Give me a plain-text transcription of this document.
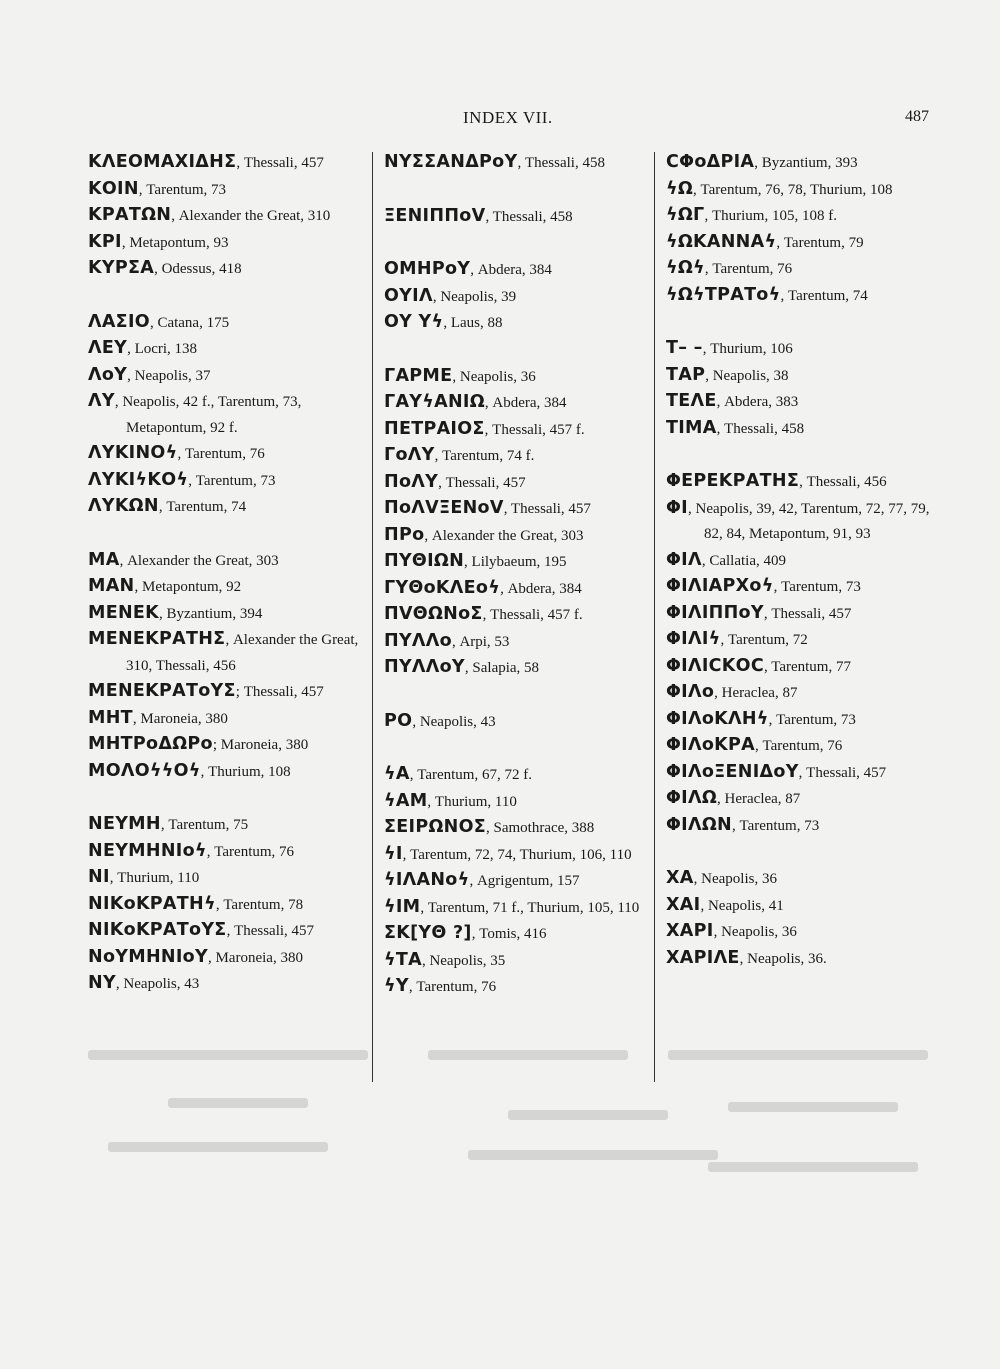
INDEX VII.	487
ΚΛΕΟΜΑΧΙΔΗΣ, Thessali, 457
ΚΟΙΝ, Tarentum, 73
ΚΡΑΤΩΝ, Alexander the Great, 310
ΚΡΙ, Metapontum, 93
ΚΥΡΣΑ, Odessus, 418
ΛΑΣΙΟ, Catana, 175
ΛΕΥ, Locri, 138
ΛοΥ, Neapolis, 37
ΛΥ, Neapolis, 42 f., Tarentum, 73, Metapontum, 92 f.
ΛΥΚΙΝΟϟ, Tarentum, 76
ΛΥΚΙϟΚΟϟ, Tarentum, 73
ΛΥΚΩΝ, Tarentum, 74
ΜΑ, Alexander the Great, 303
ΜΑΝ, Metapontum, 92
ΜΕΝΕΚ, Byzantium, 394
ΜΕΝΕΚΡΑΤΗΣ, Alexander the Great, 310, Thessali, 456
ΜΕΝΕΚΡΑΤοΥΣ; Thessali, 457
ΜΗΤ, Maroneia, 380
ΜΗΤΡοΔΩΡο; Maroneia, 380
ΜΟΛΟϟϟΟϟ, Thurium, 108
ΝΕΥΜΗ, Tarentum, 75
ΝΕΥΜΗΝΙοϟ, Tarentum, 76
ΝΙ, Thurium, 110
ΝΙΚοΚΡΑΤΗϟ, Tarentum, 78
ΝΙΚοΚΡΑΤοΥΣ, Thessali, 457
ΝοΥΜΗΝΙοΥ, Maroneia, 380
ΝΥ, Neapolis, 43
ΝΥΣΣΑΝΔΡοΥ, Thessali, 458
ΞΕΝΙΠΠοV, Thessali, 458
ΟΜΗΡοΥ, Abdera, 384
ΟΥΙΛ, Neapolis, 39
ΟΥ Υϟ, Laus, 88
ΓΑΡΜΕ, Neapolis, 36
ΓΑΥϟΑΝΙΩ, Abdera, 384
ΠΕΤΡΑΙΟΣ, Thessali, 457 f.
ΓοΛΥ, Tarentum, 74 f.
ΠοΛΥ, Thessali, 457
ΠοΛVΞΕΝοV, Thessali, 457
ΠΡο, Alexander the Great, 303
ΠΥΘΙΩΝ, Lilybaeum, 195
ΓΥΘοΚΛΕοϟ, Abdera, 384
ΠVΘΩΝοΣ, Thessali, 457 f.
ΠΥΛΛο, Arpi, 53
ΠΥΛΛοΥ, Salapia, 58
ΡΟ, Neapolis, 43
ϟΑ, Tarentum, 67, 72 f.
ϟΑΜ, Thurium, 110
ΣΕΙΡΩΝΟΣ, Samothrace, 388
ϟΙ, Tarentum, 72, 74, Thurium, 106, 110
ϟΙΛΑΝοϟ, Agrigentum, 157
ϟΙΜ, Tarentum, 71 f., Thurium, 105, 110
ΣΚ[ΥΘ ?], Tomis, 416
ϟΤΑ, Neapolis, 35
ϟΥ, Tarentum, 76
CΦοΔΡΙΑ, Byzantium, 393
ϟΩ, Tarentum, 76, 78, Thurium, 108
ϟΩΓ, Thurium, 105, 108 f.
ϟΩΚΑΝΝΑϟ, Tarentum, 79
ϟΩϟ, Tarentum, 76
ϟΩϟΤΡΑΤοϟ, Tarentum, 74
Τ– –, Thurium, 106
ΤΑΡ, Neapolis, 38
ΤΕΛΕ, Abdera, 383
ΤΙΜΑ, Thessali, 458
ΦΕΡΕΚΡΑΤΗΣ, Thessali, 456
ΦΙ, Neapolis, 39, 42, Tarentum, 72, 77, 79, 82, 84, Metapontum, 91, 93
ΦΙΛ, Callatia, 409
ΦΙΛΙΑΡΧοϟ, Tarentum, 73
ΦΙΛΙΠΠοΥ, Thessali, 457
ΦΙΛΙϟ, Tarentum, 72
ΦΙΛΙCΚΟC, Tarentum, 77
ΦΙΛο, Heraclea, 87
ΦΙΛοΚΛΗϟ, Tarentum, 73
ΦΙΛοΚΡΑ, Tarentum, 76
ΦΙΛοΞΕΝΙΔοΥ, Thessali, 457
ΦΙΛΩ, Heraclea, 87
ΦΙΛΩΝ, Tarentum, 73
ΧΑ, Neapolis, 36
ΧΑΙ, Neapolis, 41
ΧΑΡΙ, Neapolis, 36
ΧΑΡΙΛΕ, Neapolis, 36.
